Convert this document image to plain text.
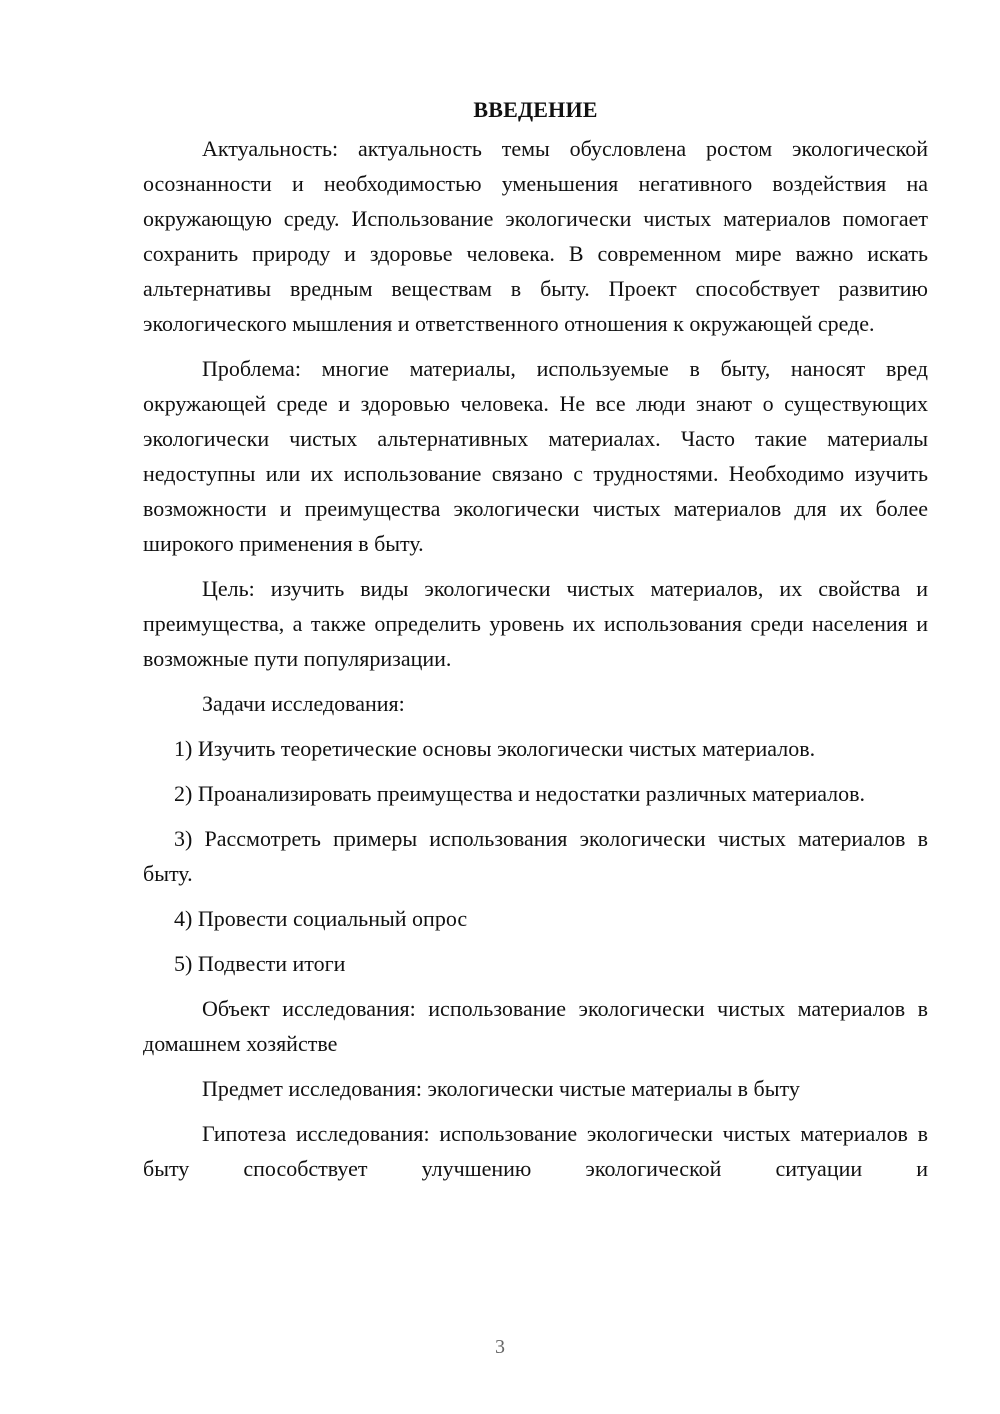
ВВЕДЕНИЕ

Актуальность: актуальность темы обусловлена ростом экологической осознанности и необходимостью уменьшения негативного воздействия на окружающую среду. Использование экологически чистых материалов помогает сохранить природу и здоровье человека. В современном мире важно искать альтернативы вредным веществам в быту. Проект способствует развитию экологического мышления и ответственного отношения к окружающей среде.

Проблема: многие материалы, используемые в быту, наносят вред окружающей среде и здоровью человека. Не все люди знают о существующих экологически чистых альтернативных материалах. Часто такие материалы недоступны или их использование связано с трудностями. Необходимо изучить возможности и преимущества экологически чистых материалов для их более широкого применения в быту.

Цель: изучить виды экологически чистых материалов, их свойства и преимущества, а также определить уровень их использования среди населения и возможные пути популяризации.

Задачи исследования:

1) Изучить теоретические основы экологически чистых материалов.

2) Проанализировать преимущества и недостатки различных материалов.

3) Рассмотреть примеры использования экологически чистых материалов в быту.

4) Провести социальный опрос

5) Подвести итоги

Объект исследования: использование экологически чистых материалов в домашнем хозяйстве

Предмет исследования: экологически чистые материалы в быту

Гипотеза исследования: использование экологически чистых материалов в быту способствует улучшению экологической ситуации и

3
